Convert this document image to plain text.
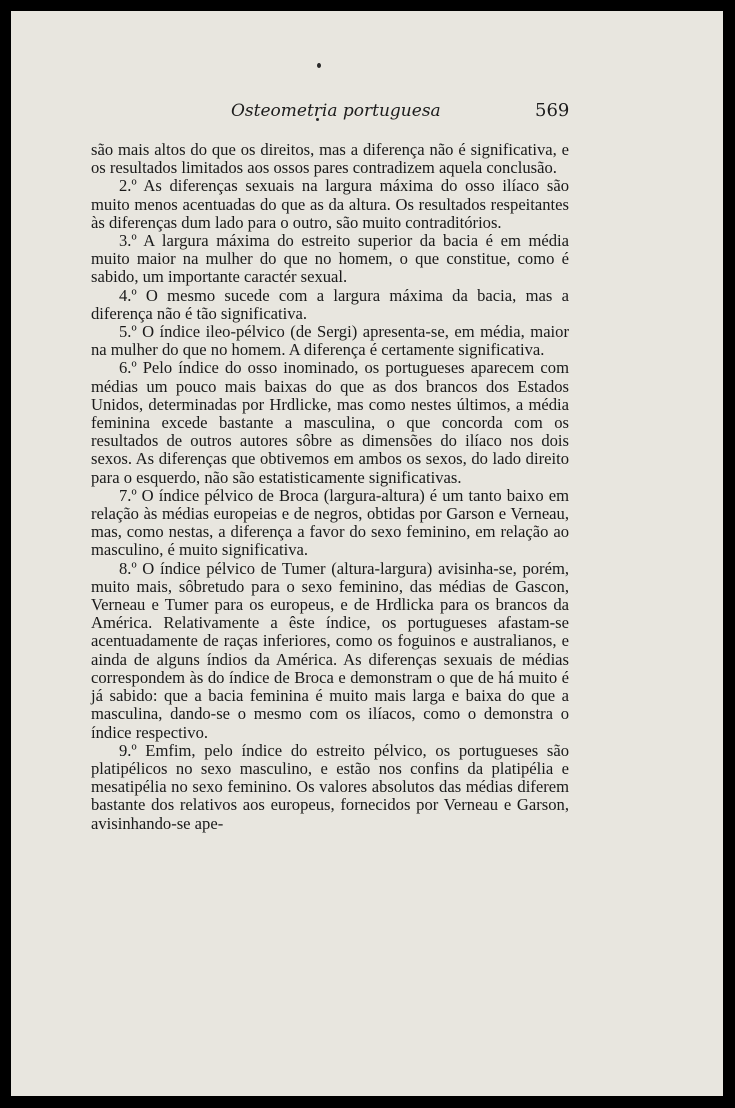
Osteometria portuguesa	569

são mais altos do que os direitos, mas a diferença não é significativa, e os resultados limitados aos ossos pares contradizem aquela conclusão.

2.º As diferenças sexuais na largura máxima do osso ilíaco são muito menos acentuadas do que as da altura. Os resultados respeitantes às diferenças dum lado para o outro, são muito contraditórios.

3.º A largura máxima do estreito superior da bacia é em média muito maior na mulher do que no homem, o que constitue, como é sabido, um importante caractér sexual.

4.º O mesmo sucede com a largura máxima da bacia, mas a diferença não é tão significativa.

5.º O índice ileo-pélvico (de Sergi) apresenta-se, em média, maior na mulher do que no homem. A diferença é certamente significativa.

6.º Pelo índice do osso inominado, os portugueses aparecem com médias um pouco mais baixas do que as dos brancos dos Estados Unidos, determinadas por Hrdlicke, mas como nestes últimos, a média feminina excede bastante a masculina, o que concorda com os resultados de outros autores sôbre as dimensões do ilíaco nos dois sexos. As diferenças que obtivemos em ambos os sexos, do lado direito para o esquerdo, não são estatisticamente significativas.

7.º O índice pélvico de Broca (largura-altura) é um tanto baixo em relação às médias europeias e de negros, obtidas por Garson e Verneau, mas, como nestas, a diferença a favor do sexo feminino, em relação ao masculino, é muito significativa.

8.º O índice pélvico de Tumer (altura-largura) avisinha-se, porém, muito mais, sôbretudo para o sexo feminino, das médias de Gascon, Verneau e Tumer para os europeus, e de Hrdlicka para os brancos da América. Relativamente a êste índice, os portugueses afastam-se acentuadamente de raças inferiores, como os foguinos e australianos, e ainda de alguns índios da América. As diferenças sexuais de médias correspondem às do índice de Broca e demonstram o que de há muito é já sabido: que a bacia feminina é muito mais larga e baixa do que a masculina, dando-se o mesmo com os ilíacos, como o demonstra o índice respectivo.

9.º Emfim, pelo índice do estreito pélvico, os portugueses são platipélicos no sexo masculino, e estão nos confins da platipélia e mesatipélia no sexo feminino. Os valores absolutos das médias diferem bastante dos relativos aos europeus, fornecidos por Verneau e Garson, avisinhando-se ape-
